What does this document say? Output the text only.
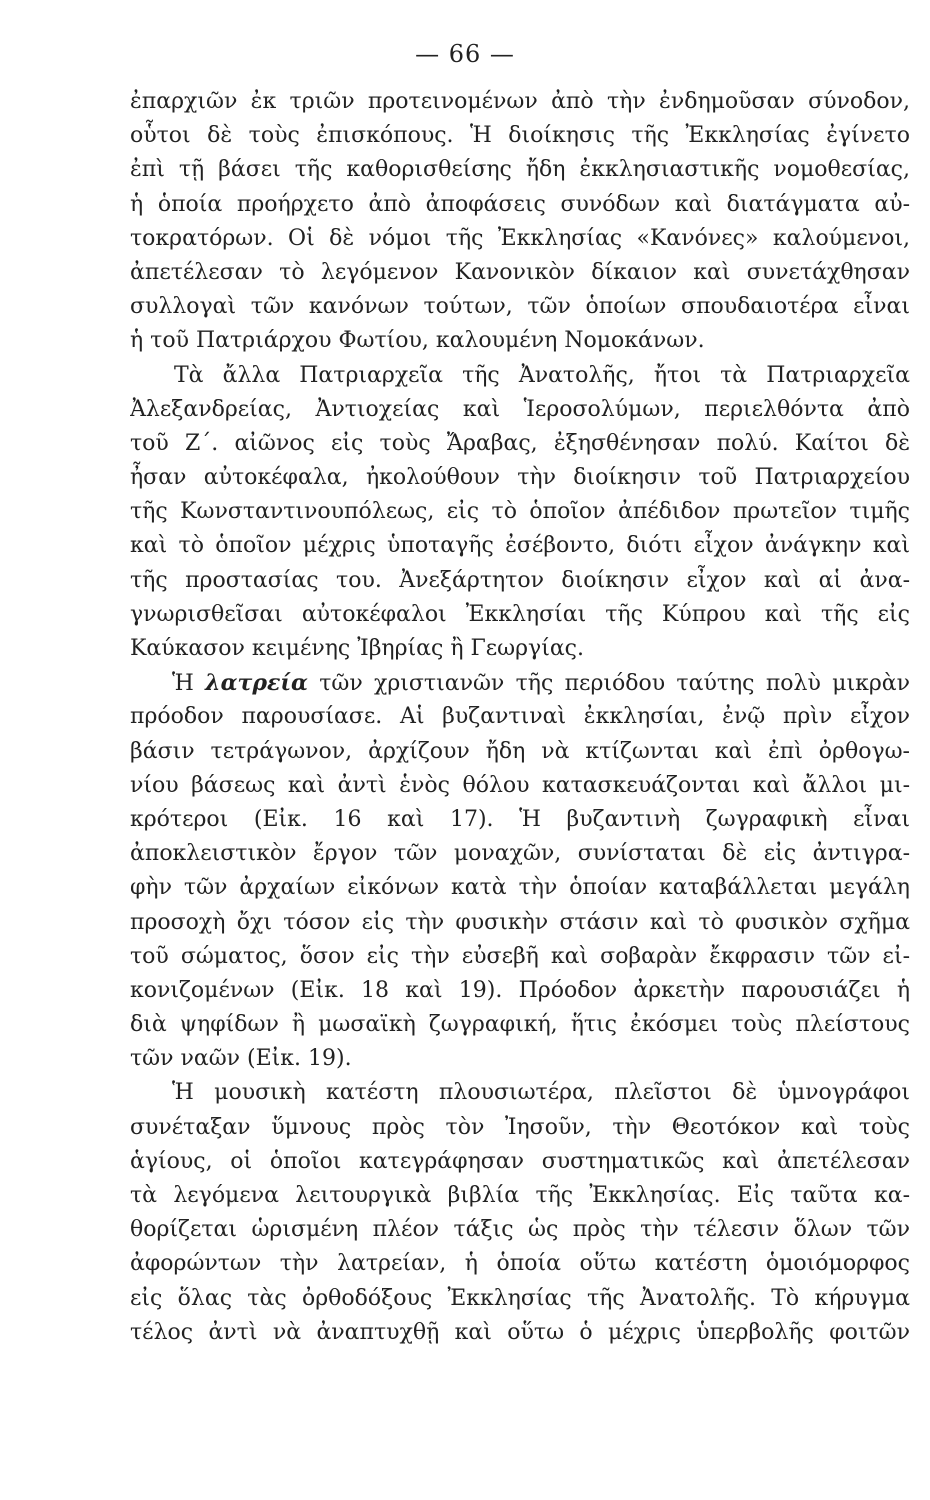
— 66 —
ἐπαρχιῶν ἐκ τριῶν προτεινομένων ἀπὸ τὴν ἐνδημοῦσαν σύνοδον,
οὗτοι δὲ τοὺς ἐπισκόπους. Ἡ διοίκησις τῆς Ἐκκλησίας ἐγίνετο
ἐπὶ τῇ βάσει τῆς καθορισθείσης ἤδη ἐκκλησιαστικῆς νομοθεσίας,
ἡ ὁποία προήρχετο ἀπὸ ἀποφάσεις συνόδων καὶ διατάγματα αὐ-
τοκρατόρων. Οἱ δὲ νόμοι τῆς Ἐκκλησίας «Κανόνες» καλούμενοι,
ἀπετέλεσαν τὸ λεγόμενον Κανονικὸν δίκαιον καὶ συνετάχθησαν
συλλογαὶ τῶν κανόνων τούτων, τῶν ὁποίων σπουδαιοτέρα εἶναι
ἡ τοῦ Πατριάρχου Φωτίου, καλουμένη Νομοκάνων.
Τὰ ἄλλα Πατριαρχεῖα τῆς Ἀνατολῆς, ἤτοι τὰ Πατριαρχεῖα
Ἀλεξανδρείας, Ἀντιοχείας καὶ Ἱεροσολύμων, περιελθόντα ἀπὸ
τοῦ Ζ΄. αἰῶνος εἰς τοὺς Ἄραβας, ἐξησθένησαν πολύ. Καίτοι δὲ
ἦσαν αὐτοκέφαλα, ἠκολούθουν τὴν διοίκησιν τοῦ Πατριαρχείου
τῆς Κωνσταντινουπόλεως, εἰς τὸ ὁποῖον ἀπέδιδον πρωτεῖον τιμῆς
καὶ τὸ ὁποῖον μέχρις ὑποταγῆς ἐσέβοντο, διότι εἶχον ἀνάγκην καὶ
τῆς προστασίας του. Ἀνεξάρτητον διοίκησιν εἶχον καὶ αἱ ἀνα-
γνωρισθεῖσαι αὐτοκέφαλοι Ἐκκλησίαι τῆς Κύπρου καὶ τῆς εἰς
Καύκασον κειμένης Ἰβηρίας ἢ Γεωργίας.
Ἡ λατρεία τῶν χριστιανῶν τῆς περιόδου ταύτης πολὺ μικρὰν
πρόοδον παρουσίασε. Αἱ βυζαντιναὶ ἐκκλησίαι, ἐνῷ πρὶν εἶχον
βάσιν τετράγωνον, ἀρχίζουν ἤδη νὰ κτίζωνται καὶ ἐπὶ ὀρθογω-
νίου βάσεως καὶ ἀντὶ ἑνὸς θόλου κατασκευάζονται καὶ ἄλλοι μι-
κρότεροι (Εἰκ. 16 καὶ 17). Ἡ βυζαντινὴ ζωγραφικὴ εἶναι
ἀποκλειστικὸν ἔργον τῶν μοναχῶν, συνίσταται δὲ εἰς ἀντιγρα-
φὴν τῶν ἀρχαίων εἰκόνων κατὰ τὴν ὁποίαν καταβάλλεται μεγάλη
προσοχὴ ὄχι τόσον εἰς τὴν φυσικὴν στάσιν καὶ τὸ φυσικὸν σχῆμα
τοῦ σώματος, ὅσον εἰς τὴν εὐσεβῆ καὶ σοβαρὰν ἔκφρασιν τῶν εἰ-
κονιζομένων (Εἰκ. 18 καὶ 19). Πρόοδον ἀρκετὴν παρουσιάζει ἡ
διὰ ψηφίδων ἢ μωσαϊκὴ ζωγραφική, ἥτις ἐκόσμει τοὺς πλείστους
τῶν ναῶν (Εἰκ. 19).
Ἡ μουσικὴ κατέστη πλουσιωτέρα, πλεῖστοι δὲ ὑμνογράφοι
συνέταξαν ὕμνους πρὸς τὸν Ἰησοῦν, τὴν Θεοτόκον καὶ τοὺς
ἁγίους, οἱ ὁποῖοι κατεγράφησαν συστηματικῶς καὶ ἀπετέλεσαν
τὰ λεγόμενα λειτουργικὰ βιβλία τῆς Ἐκκλησίας. Εἰς ταῦτα κα-
θορίζεται ὡρισμένη πλέον τάξις ὡς πρὸς τὴν τέλεσιν ὅλων τῶν
ἀφορώντων τὴν λατρείαν, ἡ ὁποία οὕτω κατέστη ὁμοιόμορφος
εἰς ὅλας τὰς ὀρθοδόξους Ἐκκλησίας τῆς Ἀνατολῆς. Τὸ κήρυγμα
τέλος ἀντὶ νὰ ἀναπτυχθῇ καὶ οὕτω ὁ μέχρις ὑπερβολῆς φοιτῶν
